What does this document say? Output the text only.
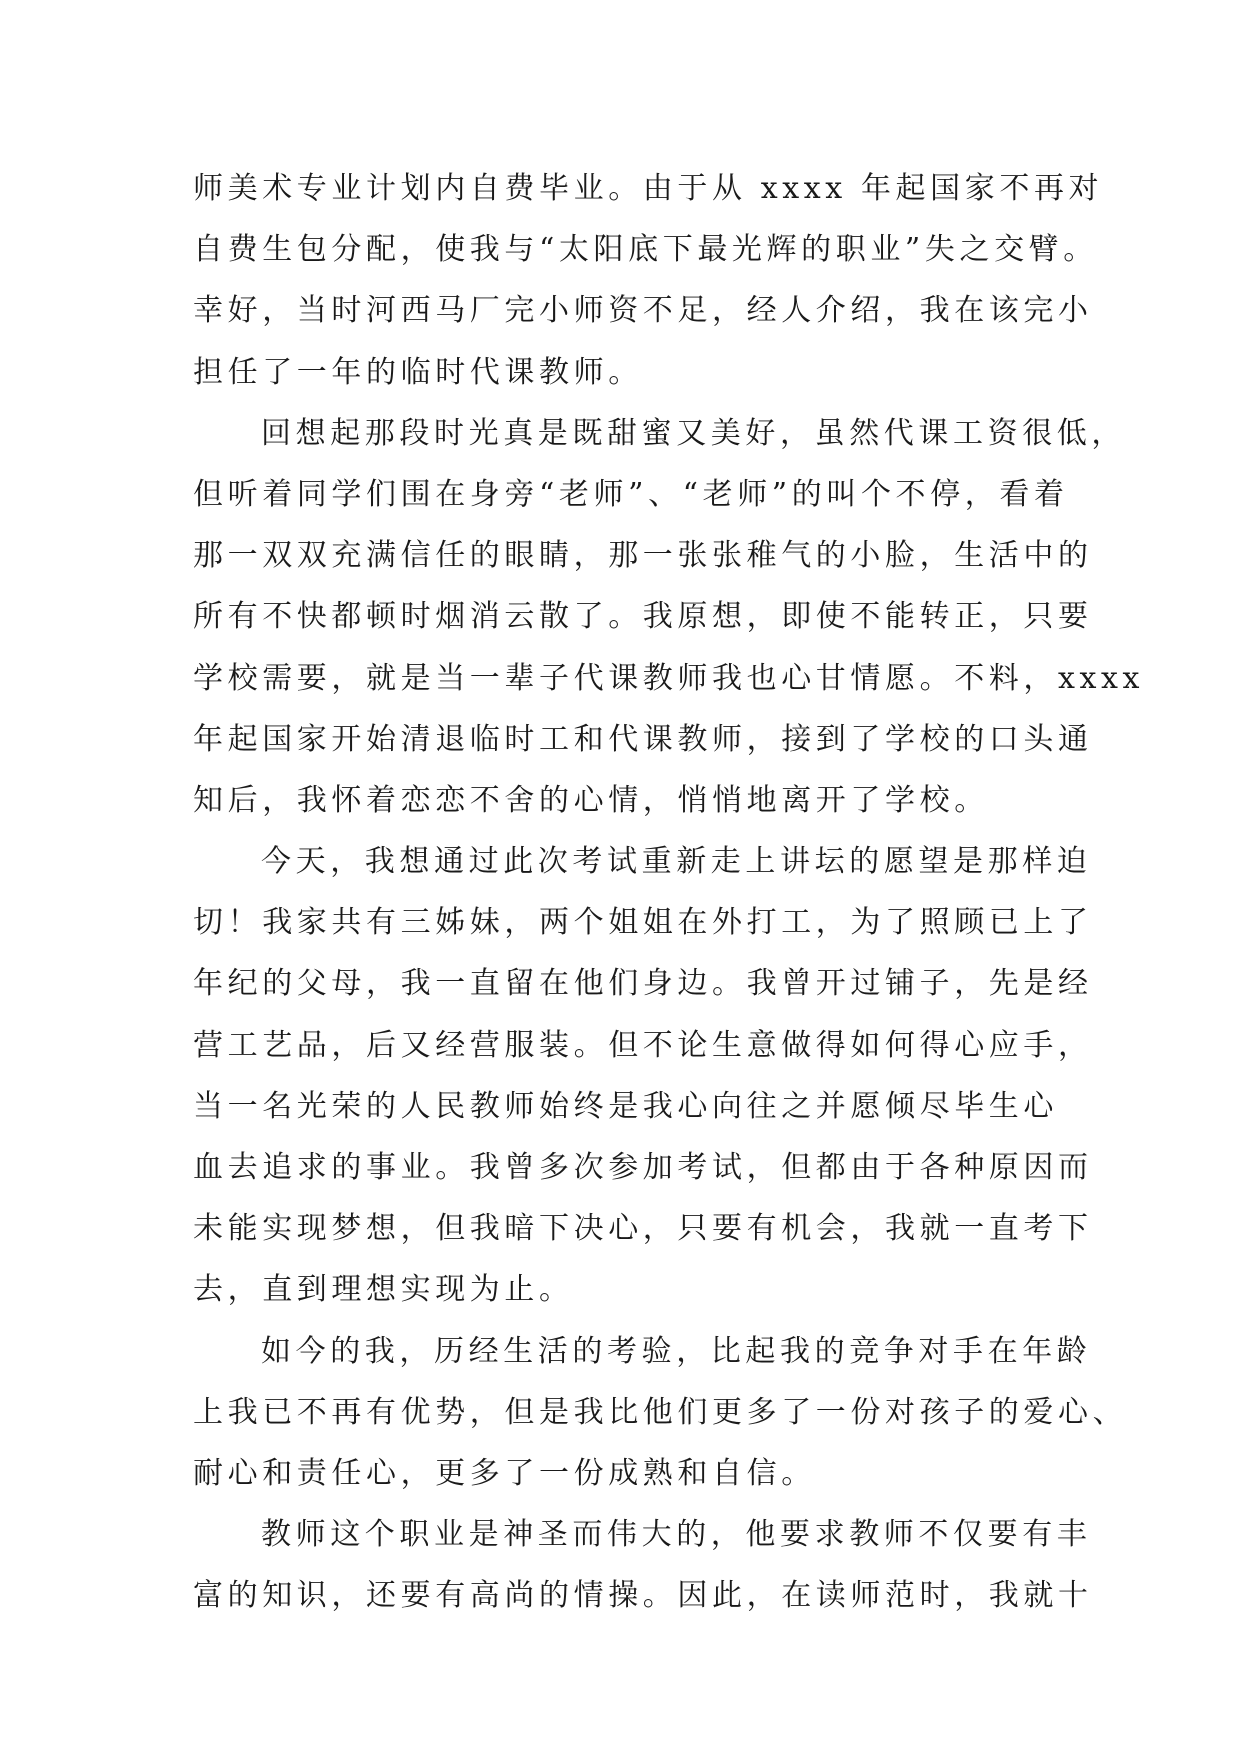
师美术专业计划内自费毕业。由于从 xxxx 年起国家不再对
自费生包分配，使我与“太阳底下最光辉的职业”失之交臂。
幸好，当时河西马厂完小师资不足，经人介绍，我在该完小
担任了一年的临时代课教师。
回想起那段时光真是既甜蜜又美好，虽然代课工资很低，
但听着同学们围在身旁“老师”、“老师”的叫个不停，看着
那一双双充满信任的眼睛，那一张张稚气的小脸，生活中的
所有不快都顿时烟消云散了。我原想，即使不能转正，只要
学校需要，就是当一辈子代课教师我也心甘情愿。不料，xxxx
年起国家开始清退临时工和代课教师，接到了学校的口头通
知后，我怀着恋恋不舍的心情，悄悄地离开了学校。
今天，我想通过此次考试重新走上讲坛的愿望是那样迫
切！我家共有三姊妹，两个姐姐在外打工，为了照顾已上了
年纪的父母，我一直留在他们身边。我曾开过铺子，先是经
营工艺品，后又经营服装。但不论生意做得如何得心应手，
当一名光荣的人民教师始终是我心向往之并愿倾尽毕生心
血去追求的事业。我曾多次参加考试，但都由于各种原因而
未能实现梦想，但我暗下决心，只要有机会，我就一直考下
去，直到理想实现为止。
如今的我，历经生活的考验，比起我的竞争对手在年龄
上我已不再有优势，但是我比他们更多了一份对孩子的爱心、
耐心和责任心，更多了一份成熟和自信。
教师这个职业是神圣而伟大的，他要求教师不仅要有丰
富的知识，还要有高尚的情操。因此，在读师范时，我就十
